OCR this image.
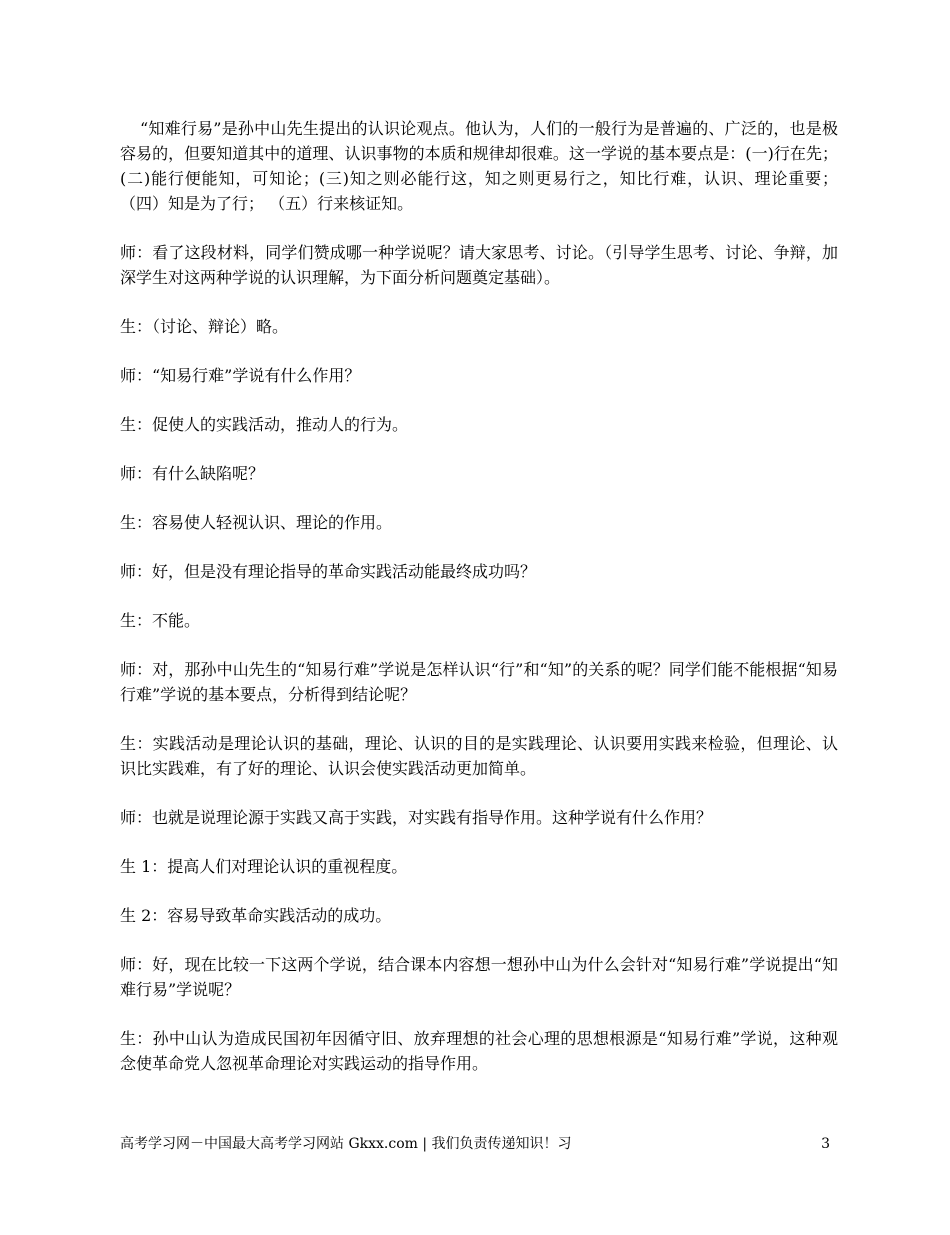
“知难行易”是孙中山先生提出的认识论观点。他认为，人们的一般行为是普遍的、广泛的，也是极容易的，但要知道其中的道理、认识事物的本质和规律却很难。这一学说的基本要点是：(一)行在先；(二)能行便能知，可知论；(三)知之则必能行这，知之则更易行之，知比行难，认识、理论重要； （四）知是为了行； （五）行来核证知。

师：看了这段材料，同学们赞成哪一种学说呢？请大家思考、讨论。（引导学生思考、讨论、争辩，加深学生对这两种学说的认识理解，为下面分析问题奠定基础）。

生：（讨论、辩论）略。

师：“知易行难”学说有什么作用？

生：促使人的实践活动，推动人的行为。

师：有什么缺陷呢？

生：容易使人轻视认识、理论的作用。

师：好，但是没有理论指导的革命实践活动能最终成功吗？

生：不能。

师：对，那孙中山先生的“知易行难”学说是怎样认识“行”和“知”的关系的呢？同学们能不能根据“知易行难”学说的基本要点，分析得到结论呢？

生：实践活动是理论认识的基础，理论、认识的目的是实践理论、认识要用实践来检验，但理论、认识比实践难，有了好的理论、认识会使实践活动更加简单。

师：也就是说理论源于实践又高于实践，对实践有指导作用。这种学说有什么作用？

生 1：提高人们对理论认识的重视程度。

生 2：容易导致革命实践活动的成功。

师：好，现在比较一下这两个学说，结合课本内容想一想孙中山为什么会针对“知易行难”学说提出“知难行易”学说呢？

生：孙中山认为造成民国初年因循守旧、放弃理想的社会心理的思想根源是“知易行难”学说，这种观念使革命党人忽视革命理论对实践运动的指导作用。

高考学习网－中国最大高考学习网站 Gkxx.com | 我们负责传递知识！习	3
